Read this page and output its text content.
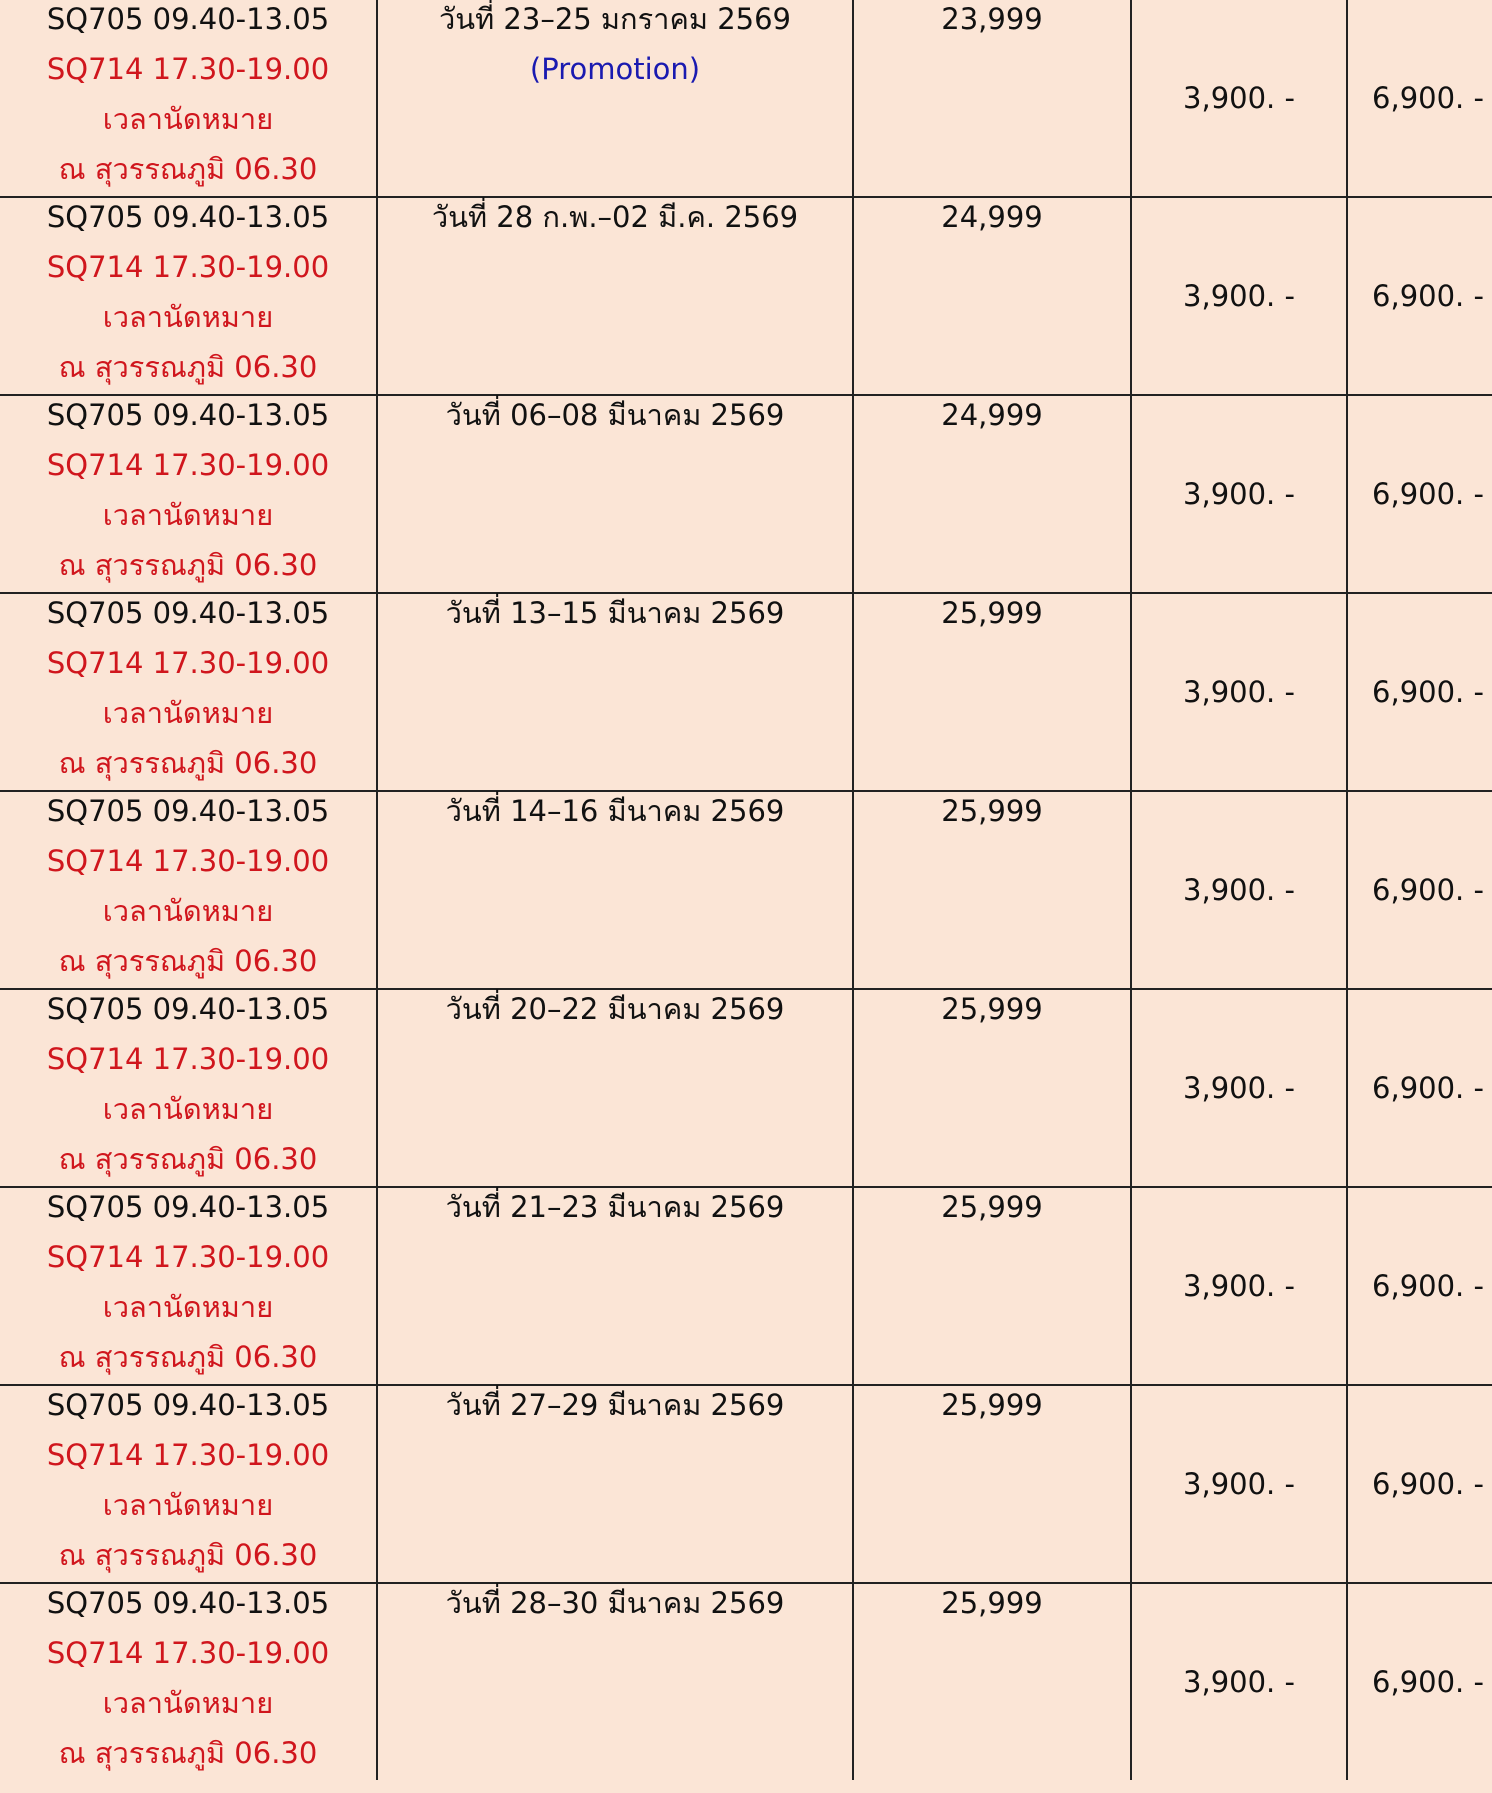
SQ705 09.40-13.05
SQ714 17.30-19.00
เวลานัดหมาย
ณ สุวรรณภูมิ 06.30	วันที่ 23–25 มกราคม 2569
(Promotion)	23,999	3,900. -	6,900. -

SQ705 09.40-13.05
SQ714 17.30-19.00
เวลานัดหมาย
ณ สุวรรณภูมิ 06.30	วันที่ 28 ก.พ.–02 มี.ค. 2569	24,999	3,900. -	6,900. -

SQ705 09.40-13.05
SQ714 17.30-19.00
เวลานัดหมาย
ณ สุวรรณภูมิ 06.30	วันที่ 06–08 มีนาคม 2569	24,999	3,900. -	6,900. -

SQ705 09.40-13.05
SQ714 17.30-19.00
เวลานัดหมาย
ณ สุวรรณภูมิ 06.30	วันที่ 13–15 มีนาคม 2569	25,999	3,900. -	6,900. -

SQ705 09.40-13.05
SQ714 17.30-19.00
เวลานัดหมาย
ณ สุวรรณภูมิ 06.30	วันที่ 14–16 มีนาคม 2569	25,999	3,900. -	6,900. -

SQ705 09.40-13.05
SQ714 17.30-19.00
เวลานัดหมาย
ณ สุวรรณภูมิ 06.30	วันที่ 20–22 มีนาคม 2569	25,999	3,900. -	6,900. -

SQ705 09.40-13.05
SQ714 17.30-19.00
เวลานัดหมาย
ณ สุวรรณภูมิ 06.30	วันที่ 21–23 มีนาคม 2569	25,999	3,900. -	6,900. -

SQ705 09.40-13.05
SQ714 17.30-19.00
เวลานัดหมาย
ณ สุวรรณภูมิ 06.30	วันที่ 27–29 มีนาคม 2569	25,999	3,900. -	6,900. -

SQ705 09.40-13.05
SQ714 17.30-19.00
เวลานัดหมาย
ณ สุวรรณภูมิ 06.30	วันที่ 28–30 มีนาคม 2569	25,999	3,900. -	6,900. -
